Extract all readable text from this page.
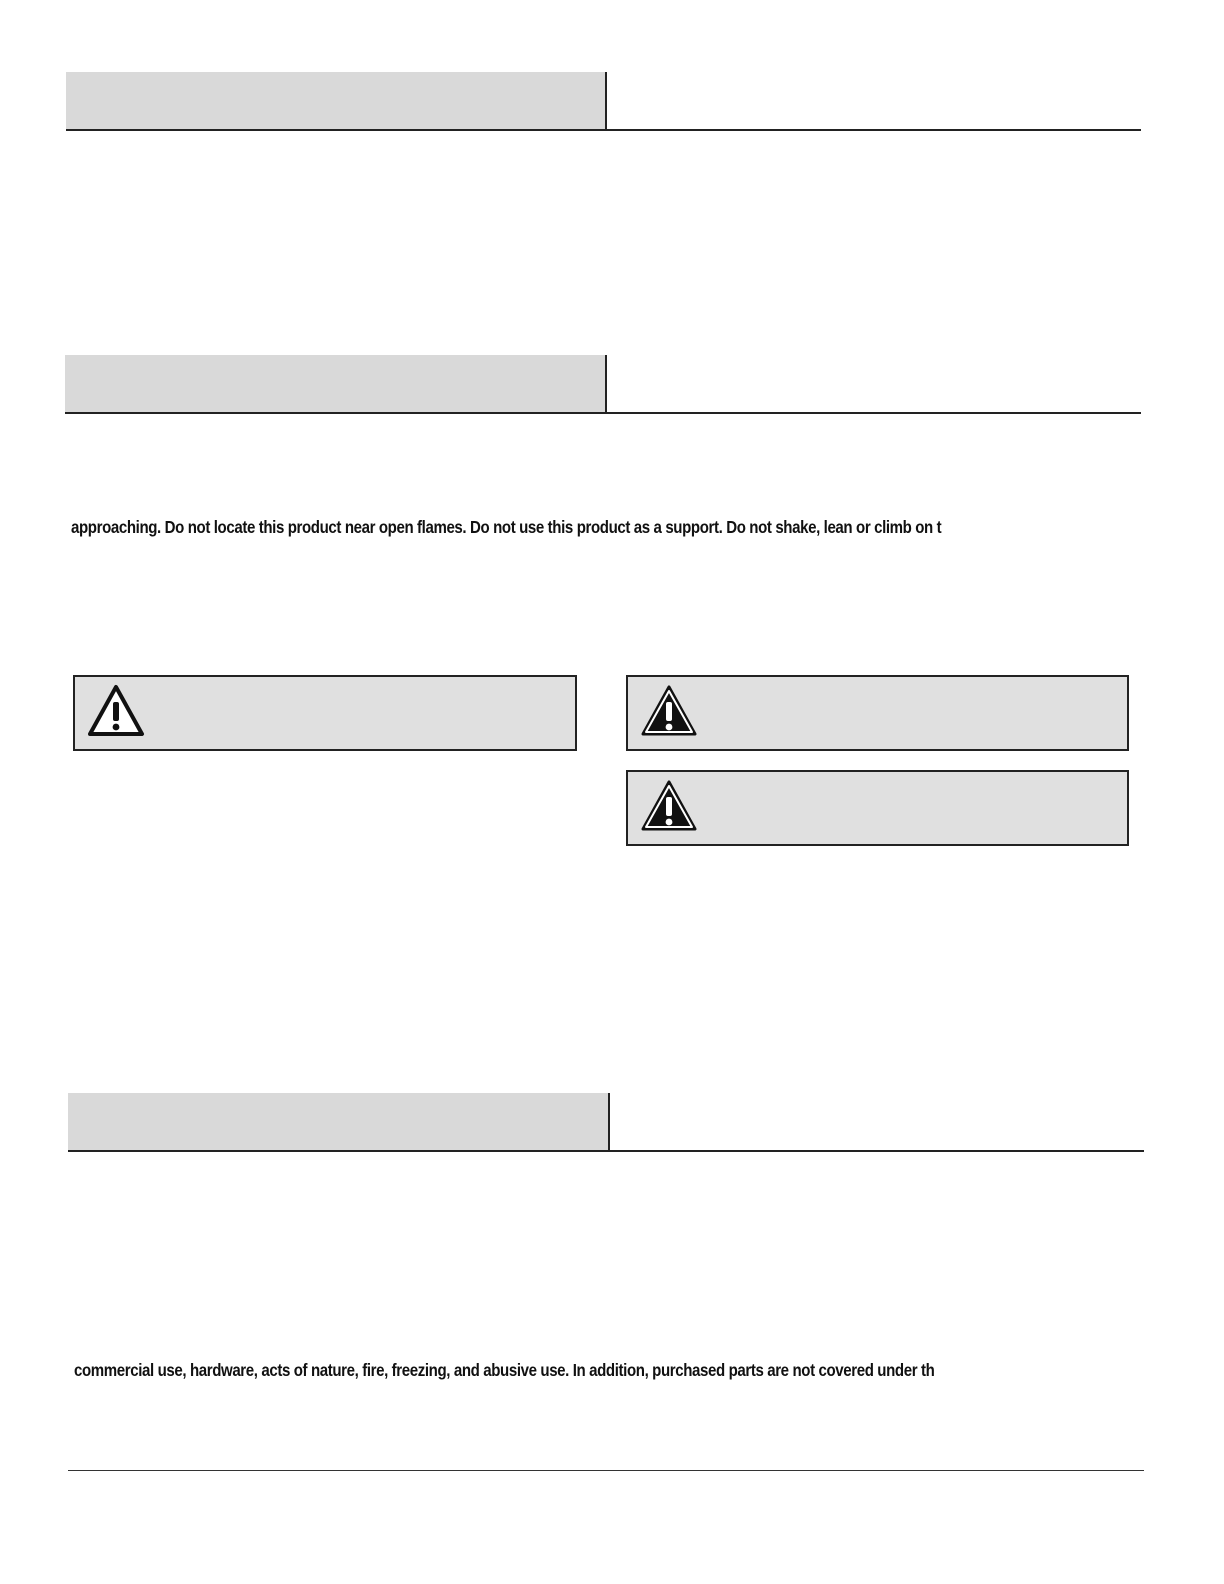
approaching. Do not locate this product near open flames. Do not use this product as a support. Do not shake, lean or climb on t
commercial use, hardware, acts of nature, fire, freezing, and abusive use. In addition, purchased parts are not covered under th
